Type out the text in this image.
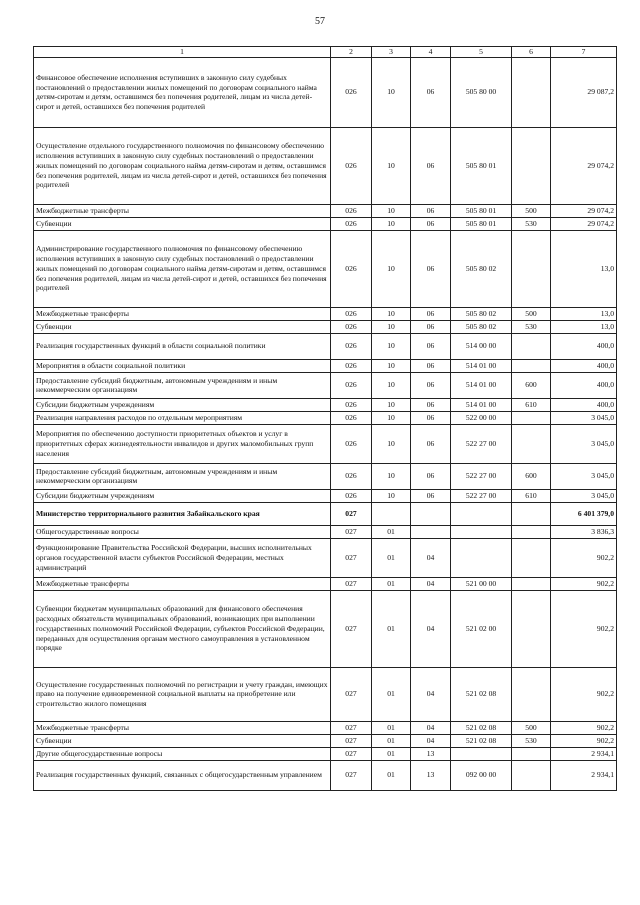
57
1	2	3	4	5	6	7
Финансовое обеспечение исполнения вступивших в законную силу судебных постановлений о предоставлении жилых помещений по договорам социального найма детям-сиротам и детям, оставшимся без попечения родителей, лицам из числа детей-сирот и детей, оставшихся без попечения родителей	026	10	06	505 80 00		29 087,2
Осуществление отдельного государственного полномочия по финансовому обеспечению исполнения вступивших в законную силу судебных постановлений о предоставлении жилых помещений по договорам социального найма детям-сиротам и детям, оставшимся без попечения родителей, лицам из числа детей-сирот и детей, оставшихся без попечения родителей	026	10	06	505 80 01		29 074,2
Межбюджетные трансферты	026	10	06	505 80 01	500	29 074,2
Субвенции	026	10	06	505 80 01	530	29 074,2
Администрирование государственного полномочия по финансовому обеспечению исполнения вступивших в законную силу судебных постановлений о предоставлении жилых помещений по договорам социального найма детям-сиротам и детям, оставшимся без попечения родителей, лицам из числа детей-сирот и детей, оставшихся без попечения родителей	026	10	06	505 80 02		13,0
Межбюджетные трансферты	026	10	06	505 80 02	500	13,0
Субвенции	026	10	06	505 80 02	530	13,0
Реализация государственных функций в области социальной политики	026	10	06	514 00 00		400,0
Мероприятия в области социальной политики	026	10	06	514 01 00		400,0
Предоставление субсидий бюджетным, автономным учреждениям и иным некоммерческим организациям	026	10	06	514 01 00	600	400,0
Субсидии бюджетным учреждениям	026	10	06	514 01 00	610	400,0
Реализация направления расходов по отдельным мероприятиям	026	10	06	522 00 00		3 045,0
Мероприятия по обеспечению доступности приоритетных объектов и услуг в приоритетных сферах жизнедеятельности инвалидов и других маломобильных групп населения	026	10	06	522 27 00		3 045,0
Предоставление субсидий бюджетным, автономным учреждениям и иным некоммерческим организациям	026	10	06	522 27 00	600	3 045,0
Субсидии бюджетным учреждениям	026	10	06	522 27 00	610	3 045,0
Министерство территориального развития Забайкальского края	027					6 401 379,0
Общегосударственные вопросы	027	01				3 836,3
Функционирование Правительства Российской Федерации, высших исполнительных органов государственной власти субъектов Российской Федерации, местных администраций	027	01	04			902,2
Межбюджетные трансферты	027	01	04	521 00 00		902,2
Субвенции бюджетам муниципальных образований для финансового обеспечения расходных обязательств муниципальных образований, возникающих при выполнении государственных полномочий Российской Федерации, субъектов Российской Федерации, переданных для осуществления органам местного самоуправления в установленном порядке	027	01	04	521 02 00		902,2
Осуществление государственных полномочий по регистрации и учету граждан, имеющих право на получение единовременной социальной выплаты на приобретение или строительство жилого помещения	027	01	04	521 02 08		902,2
Межбюджетные трансферты	027	01	04	521 02 08	500	902,2
Субвенции	027	01	04	521 02 08	530	902,2
Другие общегосударственные вопросы	027	01	13			2 934,1
Реализация государственных функций, связанных с общегосударственным управлением	027	01	13	092 00 00		2 934,1
